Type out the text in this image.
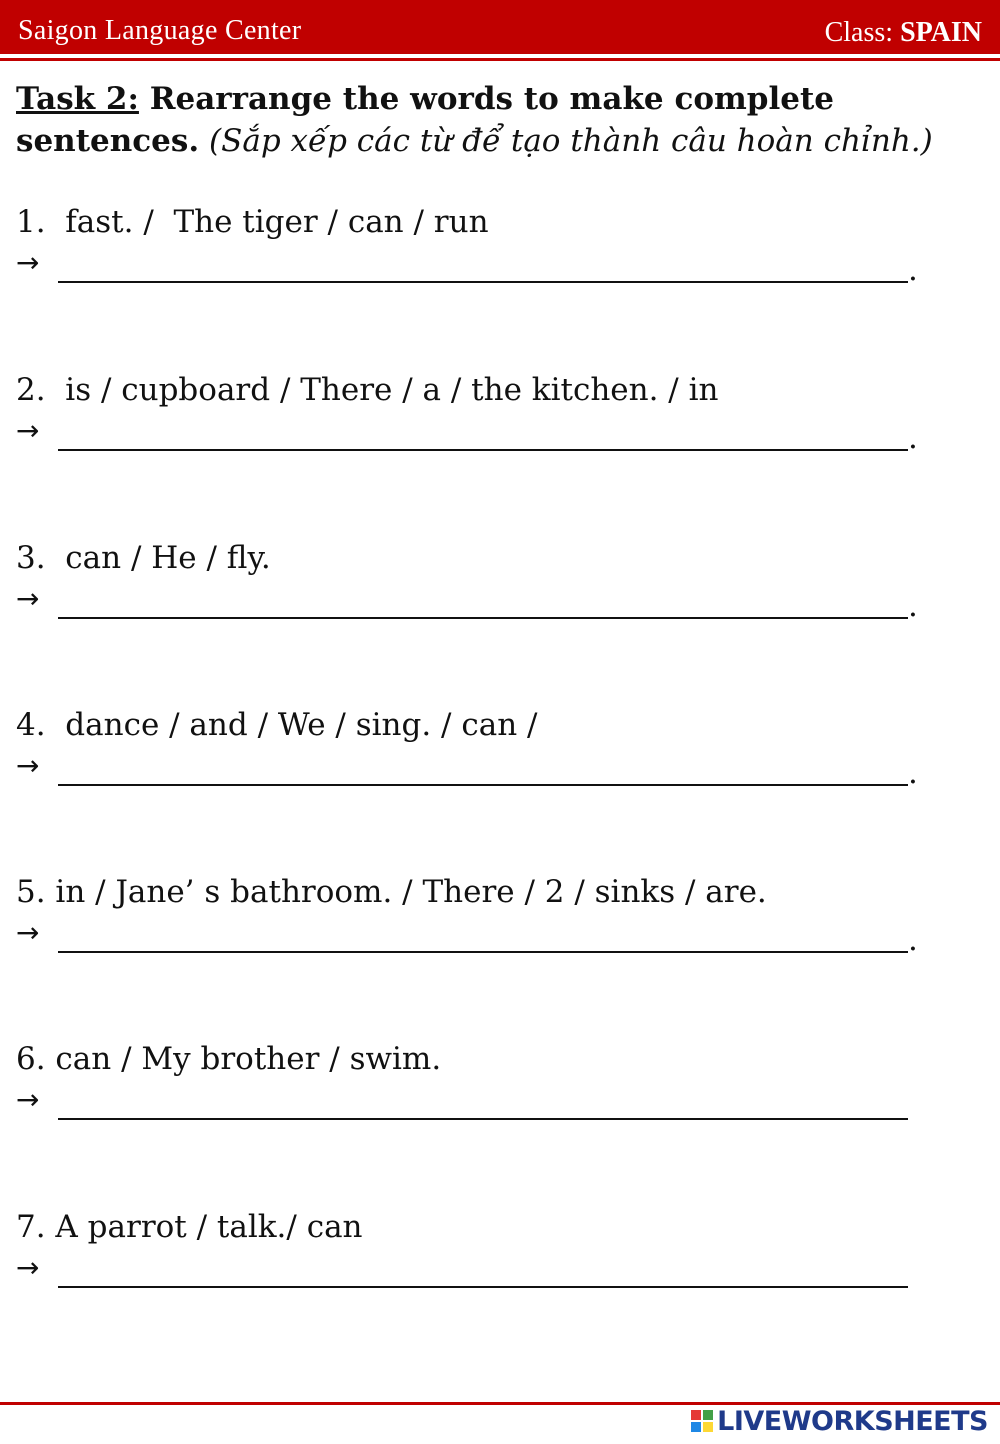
Saigon Language Center	Class: SPAIN
Task 2: Rearrange the words to make complete sentences. (Sắp xếp các từ để tạo thành câu hoàn chỉnh.)
1.  fast. /  The tiger / can / run
→	.
2.  is / cupboard / There / a / the kitchen. / in
→	.
3.  can / He / fly.
→	.
4.  dance / and / We / sing. / can /
→	.
5. in / Jane’ s bathroom. / There / 2 / sinks / are.
→	.
6. can / My brother / swim.
→
7. A parrot / talk./ can
→
LIVEWORKSHEETS
